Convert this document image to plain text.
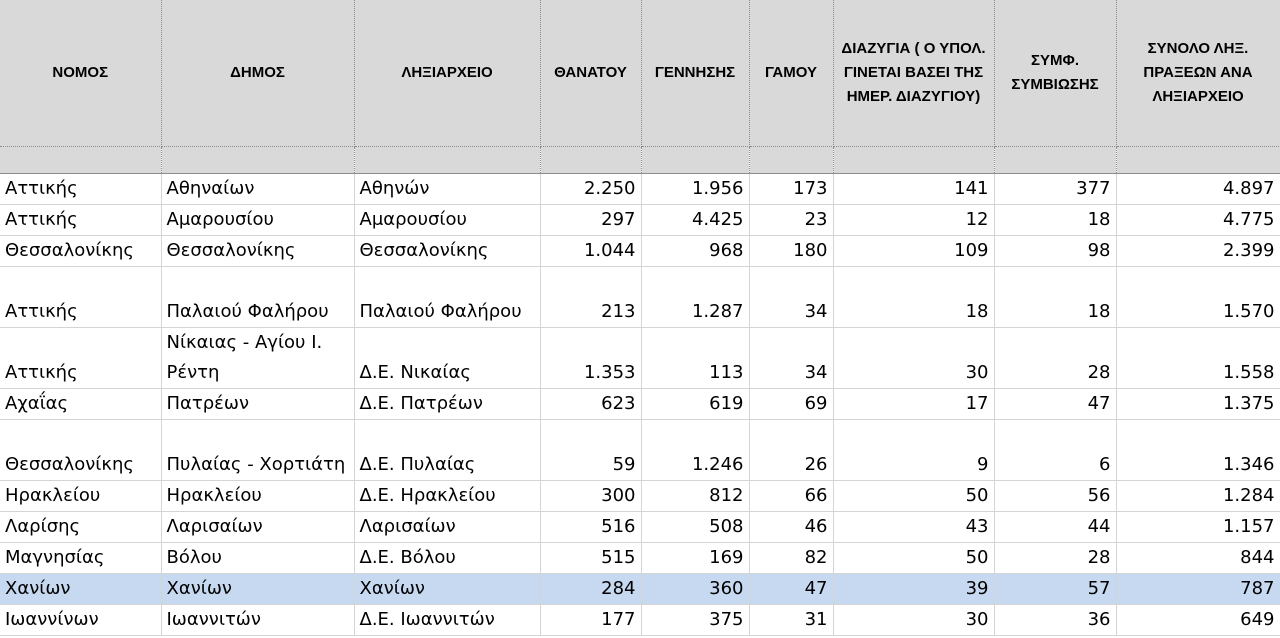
ΝΟΜΟΣ	ΔΗΜΟΣ	ΛΗΞΙΑΡΧΕΙΟ	ΘΑΝΑΤΟΥ	ΓΕΝΝΗΣΗΣ	ΓΑΜΟΥ	ΔΙΑΖΥΓΙΑ ( Ο ΥΠΟΛ. ΓΙΝΕΤΑΙ ΒΑΣΕΙ ΤΗΣ ΗΜΕΡ. ΔΙΑΖΥΓΙΟΥ)	ΣΥΜΦ. ΣΥΜΒΙΩΣΗΣ	ΣΥΝΟΛΟ ΛΗΞ. ΠΡΑΞΕΩΝ ΑΝΑ ΛΗΞΙΑΡΧΕΙΟ

Αττικής	Αθηναίων	Αθηνών	2.250	1.956	173	141	377	4.897
Αττικής	Αμαρουσίου	Αμαρουσίου	297	4.425	23	12	18	4.775
Θεσσαλονίκης	Θεσσαλονίκης	Θεσσαλονίκης	1.044	968	180	109	98	2.399
Αττικής	Παλαιού Φαλήρου	Παλαιού Φαλήρου	213	1.287	34	18	18	1.570
Αττικής	Νίκαιας - Αγίου Ι. Ρέντη	Δ.Ε. Νικαίας	1.353	113	34	30	28	1.558
Αχαΐας	Πατρέων	Δ.Ε. Πατρέων	623	619	69	17	47	1.375
Θεσσαλονίκης	Πυλαίας - Χορτιάτη	Δ.Ε. Πυλαίας	59	1.246	26	9	6	1.346
Ηρακλείου	Ηρακλείου	Δ.Ε. Ηρακλείου	300	812	66	50	56	1.284
Λαρίσης	Λαρισαίων	Λαρισαίων	516	508	46	43	44	1.157
Μαγνησίας	Βόλου	Δ.Ε. Βόλου	515	169	82	50	28	844
Χανίων	Χανίων	Χανίων	284	360	47	39	57	787
Ιωαννίνων	Ιωαννιτών	Δ.Ε. Ιωαννιτών	177	375	31	30	36	649
